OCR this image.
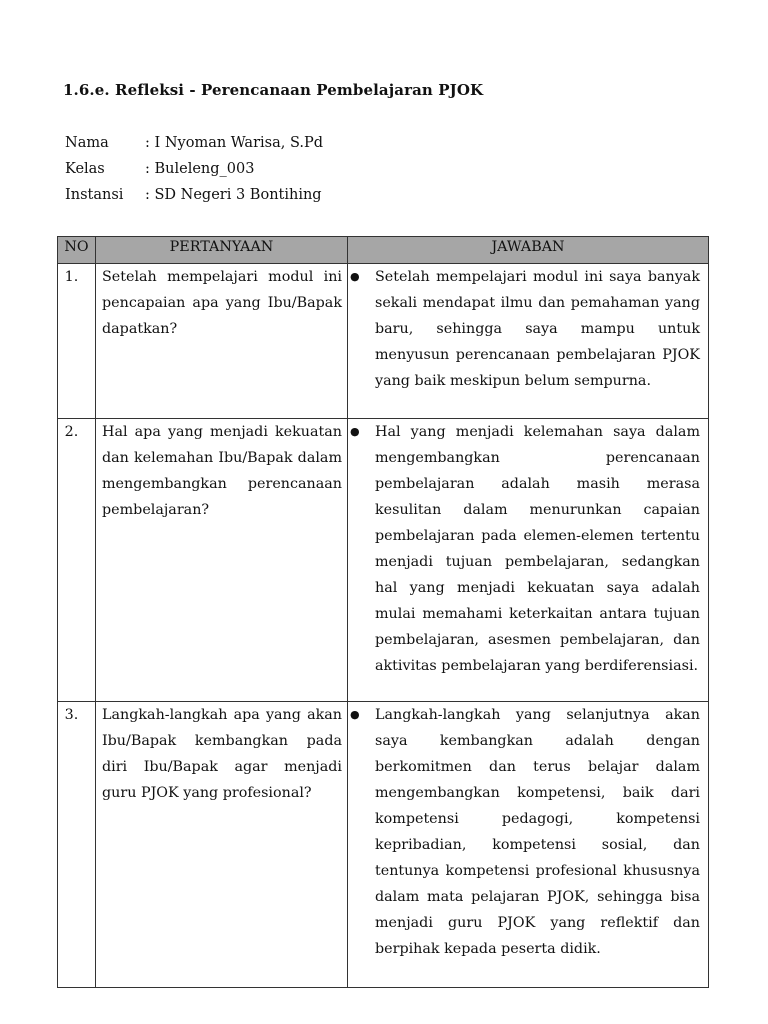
1.6.e. Refleksi - Perencanaan Pembelajaran PJOK
Nama	: I Nyoman Warisa, S.Pd
Kelas	: Buleleng_003
Instansi	: SD Negeri 3 Bontihing
NO	PERTANYAAN	JAWABAN
1.	Setelah mempelajari modul ini pencapaian apa yang Ibu/Bapak dapatkan?	● Setelah mempelajari modul ini saya banyak sekali mendapat ilmu dan pemahaman yang baru, sehingga saya mampu untuk menyusun perencanaan pembelajaran PJOK yang baik meskipun belum sempurna.

2.	Hal apa yang menjadi kekuatan dan kelemahan Ibu/Bapak dalam mengembangkan perencanaan pembelajaran?	● Hal yang menjadi kelemahan saya dalam mengembangkan perencanaan pembelajaran adalah masih merasa kesulitan dalam menurunkan capaian pembelajaran pada elemen-elemen tertentu menjadi tujuan pembelajaran, sedangkan hal yang menjadi kekuatan saya adalah mulai memahami keterkaitan antara tujuan pembelajaran, asesmen pembelajaran, dan aktivitas pembelajaran yang berdiferensiasi.

3.	Langkah-langkah apa yang akan Ibu/Bapak kembangkan pada diri Ibu/Bapak agar menjadi guru PJOK yang profesional?	● Langkah-langkah yang selanjutnya akan saya kembangkan adalah dengan berkomitmen dan terus belajar dalam mengembangkan kompetensi, baik dari kompetensi pedagogi, kompetensi kepribadian, kompetensi sosial, dan tentunya kompetensi profesional khususnya dalam mata pelajaran PJOK, sehingga bisa menjadi guru PJOK yang reflektif dan berpihak kepada peserta didik.
